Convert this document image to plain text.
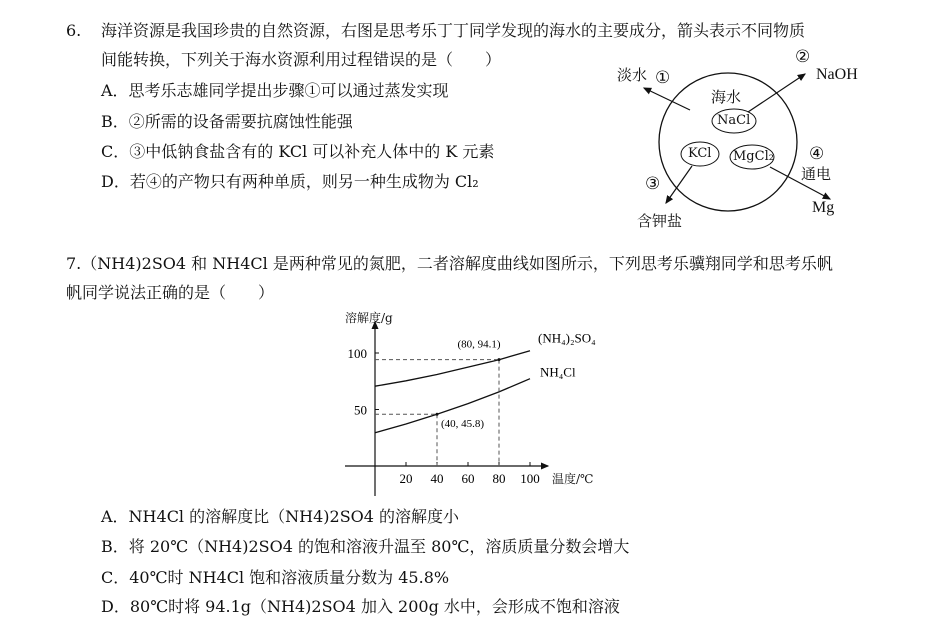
6. 海洋资源是我国珍贵的自然资源，右图是思考乐丁丁同学发现的海水的主要成分，箭头表示不同物质
间能转换，下列关于海水资源利用过程错误的是（　　）
A．思考乐志雄同学提出步骤①可以通过蒸发实现
B．②所需的设备需要抗腐蚀性能强
C．③中低钠食盐含有的 KCl 可以补充人体中的 K 元素
D．若④的产物只有两种单质，则另一种生成物为 Cl₂
海水
NaCl
KCl MgCl₂
淡水 ①
②
NaOH
③
含钾盐
④
通电
Mg
7.（NH4)2SO4 和 NH4Cl 是两种常见的氮肥，二者溶解度曲线如图所示，下列思考乐骥翔同学和思考乐帆
帆同学说法正确的是（　　）
20 40 60 80 100
50
100
(NH₄)₂SO₄
NH₄Cl
(80, 94.1)
(40, 45.8)
溶解度/g
温度/℃
A．NH4Cl 的溶解度比（NH4)2SO4 的溶解度小
B．将 20℃（NH4)2SO4 的饱和溶液升温至 80℃，溶质质量分数会增大
C．40℃时 NH4Cl 饱和溶液质量分数为 45.8%
D．80℃时将 94.1g（NH4)2SO4 加入 200g 水中，会形成不饱和溶液
